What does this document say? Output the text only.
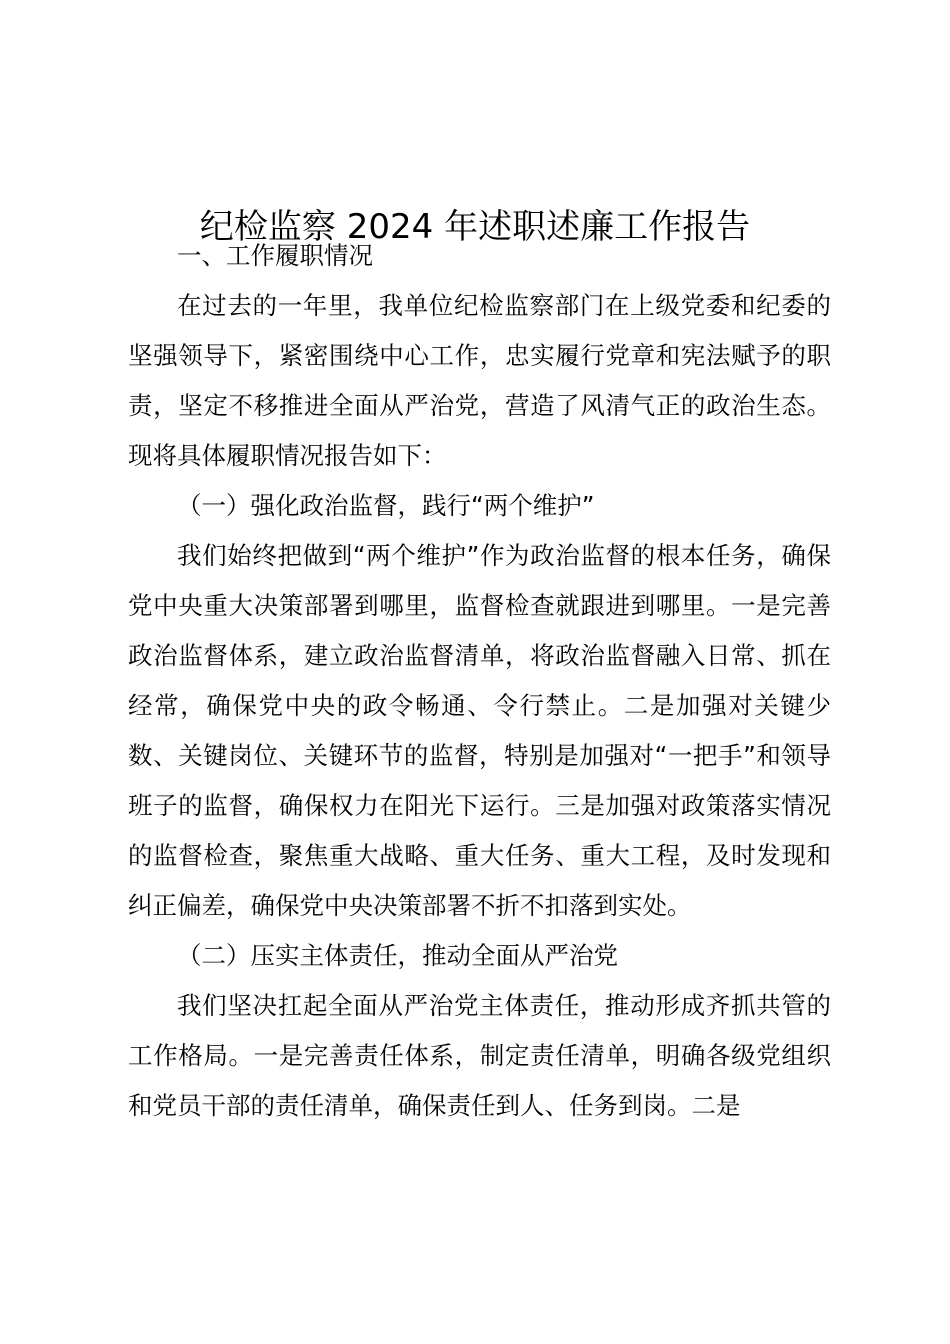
纪检监察 2024 年述职述廉工作报告

一、工作履职情况

在过去的一年里，我单位纪检监察部门在上级党委和纪委的坚强领导下，紧密围绕中心工作，忠实履行党章和宪法赋予的职责，坚定不移推进全面从严治党，营造了风清气正的政治生态。现将具体履职情况报告如下：

（一）强化政治监督，践行“两个维护”

我们始终把做到“两个维护”作为政治监督的根本任务，确保党中央重大决策部署到哪里，监督检查就跟进到哪里。一是完善政治监督体系，建立政治监督清单，将政治监督融入日常、抓在经常，确保党中央的政令畅通、令行禁止。二是加强对关键少数、关键岗位、关键环节的监督，特别是加强对“一把手”和领导班子的监督，确保权力在阳光下运行。三是加强对政策落实情况的监督检查，聚焦重大战略、重大任务、重大工程，及时发现和纠正偏差，确保党中央决策部署不折不扣落到实处。

（二）压实主体责任，推动全面从严治党

我们坚决扛起全面从严治党主体责任，推动形成齐抓共管的工作格局。一是完善责任体系，制定责任清单，明确各级党组织和党员干部的责任清单，确保责任到人、任务到岗。二是
